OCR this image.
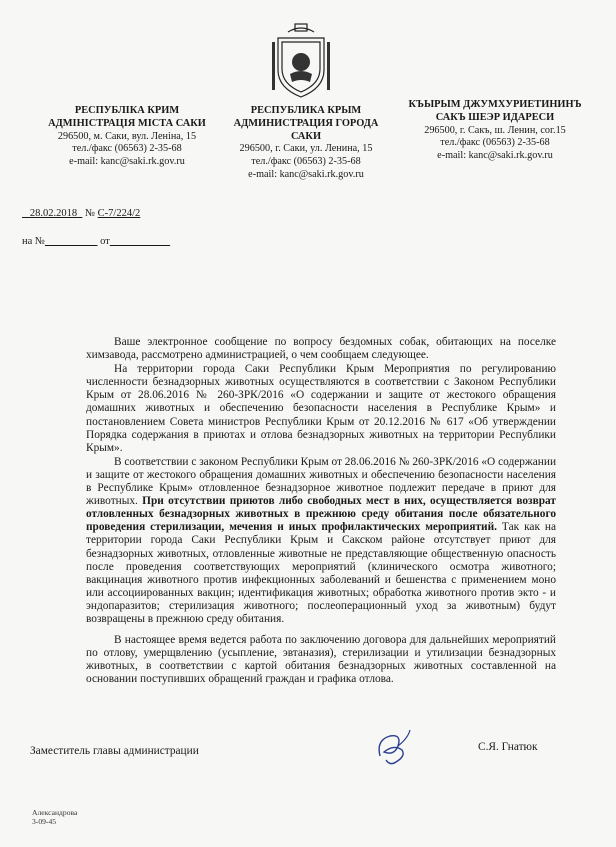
РЕСПУБЛІКА КРИМ
АДМІНІСТРАЦІЯ МІСТА САКИ
296500, м. Саки, вул. Леніна, 15
тел./факс (06563) 2-35-68
e-mail: kanc@saki.rk.gov.ru
РЕСПУБЛИКА КРЫМ
АДМИНИСТРАЦИЯ ГОРОДА САКИ
296500, г. Саки, ул. Ленина, 15
тел./факс (06563) 2-35-68
e-mail: kanc@saki.rk.gov.ru
КЪЫРЫМ ДЖУМХУРИЕТИНИНЪ
САКЪ ШЕЭР ИДАРЕСИ
296500, г. Сакъ, ш. Ленин, сог.15
тел./факс (06563) 2-35-68
e-mail: kanc@saki.rk.gov.ru
28.02.2018 № С-7/224/2
на №	от

Ваше электронное сообщение по вопросу бездомных собак, обитающих на поселке химзавода, рассмотрено администрацией, о чем сообщаем следующее.

На территории города Саки Республики Крым Мероприятия по регулированию численности безнадзорных животных осуществляются в соответствии с Законом Республики Крым от 28.06.2016 № 260-ЗРК/2016 «О содержании и защите от жестокого обращения домашних животных и обеспечению безопасности населения в Республике Крым» и постановлением Совета министров Республики Крым от 20.12.2016 № 617 «Об утверждении Порядка содержания в приютах и отлова безнадзорных животных на территории Республики Крым».

В соответствии с законом Республики Крым от 28.06.2016 № 260-ЗРК/2016 «О содержании и защите от жестокого обращения домашних животных и обеспечению безопасности населения в Республике Крым» отловленное безнадзорное животное подлежит передаче в приют для животных. При отсутствии приютов либо свободных мест в них, осуществляется возврат отловленных безнадзорных животных в прежнюю среду обитания после обязательного проведения стерилизации, мечения и иных профилактических мероприятий. Так как на территории города Саки Республики Крым и Сакском районе отсутствует приют для безнадзорных животных, отловленные животные не представляющие общественную опасность после проведения соответствующих мероприятий (клинического осмотра животного; вакцинация животного против инфекционных заболеваний и бешенства с применением моно или ассоциированных вакцин; идентификация животных; обработка животного против экто - и эндопаразитов; стерилизация животного; послеоперационный уход за животным) будут возвращены в прежнюю среду обитания.

В настоящее время ведется работа по заключению договора для дальнейших мероприятий по отлову, умерщвлению (усыпление, эвтаназия), стерилизации и утилизации безнадзорных животных, в соответствии с картой обитания безнадзорных животных составленной на основании поступивших обращений граждан и графика отлова.

Заместитель главы администрации	С.Я. Гнатюк
Александрова
3-09-45
